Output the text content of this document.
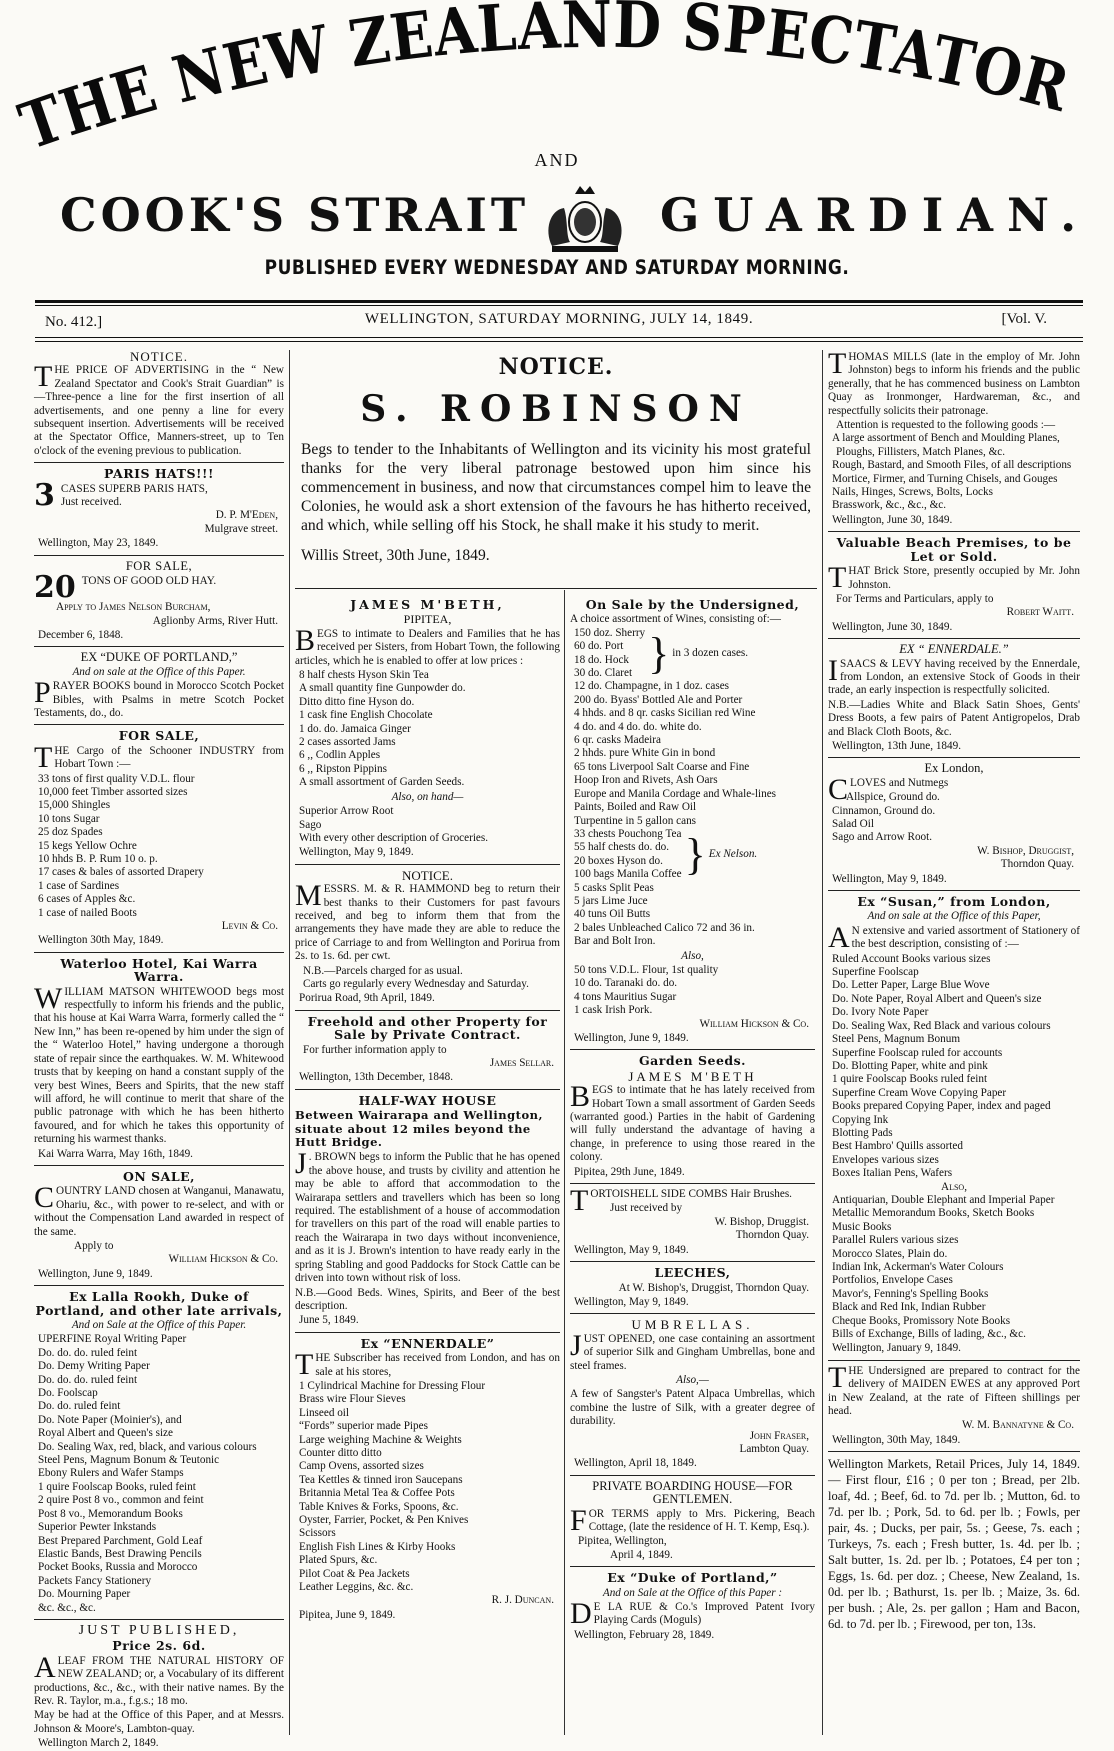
THE NEW ZEALAND SPECTATOR
AND
COOK'S STRAIT	GUARDIAN.
PUBLISHED EVERY WEDNESDAY AND SATURDAY MORNING.
No. 412.]	WELLINGTON, SATURDAY MORNING, JULY 14, 1849.	[Vol. V.
NOTICE.

THE PRICE OF ADVERTISING in the “ New Zealand Spectator and Cook's Strait Guardian” is—Three-pence a line for the first insertion of all advertisements, and one penny a line for every subsequent insertion. Advertisements will be received at the Spectator Office, Manners-street, up to Ten o'clock of the evening previous to publication.

PARIS HATS!!!
3 CASES SUPERB PARIS HATS,

Just received.

D. P. M'Eden,

Mulgrave street.

Wellington, May 23, 1849.

FOR SALE,
20 TONS OF GOOD OLD HAY.

Apply to James Nelson Burcham,

Aglionby Arms, River Hutt.

December 6, 1848.

EX “DUKE OF PORTLAND,”
And on sale at the Office of this Paper.

PRAYER BOOKS bound in Morocco Scotch Pocket Bibles, with Psalms in metre Scotch Pocket Testaments, do., do.

FOR SALE,

THE Cargo of the Schooner INDUSTRY from Hobart Town :—

33 tons of first quality V.D.L. flour
10,000 feet Timber assorted sizes
15,000 Shingles
10 tons Sugar
25 doz Spades
15 kegs Yellow Ochre
10 hhds B. P. Rum 10 o. p.
17 cases & bales of assorted Drapery
1 case of Sardines
6 cases of Apples &c.
1 case of nailed Boots

Levin & Co.

Wellington 30th May, 1849.

Waterloo Hotel, Kai Warra Warra.

WILLIAM MATSON WHITEWOOD begs most respectfully to inform his friends and the public, that his house at Kai Warra Warra, formerly called the “ New Inn,” has been re-opened by him under the sign of the “ Waterloo Hotel,” having undergone a thorough state of repair since the earthquakes. W. M. Whitewood trusts that by keeping on hand a constant supply of the very best Wines, Beers and Spirits, that the new staff will afford, he will continue to merit that share of the public patronage with which he has been hitherto favoured, and for which he takes this opportunity of returning his warmest thanks.

Kai Warra Warra, May 16th, 1849.

ON SALE,

COUNTRY LAND chosen at Wanganui, Manawatu, Ohariu, &c., with power to re-select, and with or without the Compensation Land awarded in respect of the same.

Apply to

William Hickson & Co.

Wellington, June 9, 1849.

Ex Lalla Rookh, Duke of Portland, and other late arrivals,
And on Sale at the Office of this Paper.
UPERFINE Royal Writing Paper
Do. do. do. ruled feint
Do. Demy Writing Paper
Do. do. do. ruled feint
Do. Foolscap
Do. do. ruled feint
Do. Note Paper (Moinier's), and
Royal Albert and Queen's size
Do. Sealing Wax, red, black, and various colours
Steel Pens, Magnum Bonum & Teutonic
Ebony Rulers and Wafer Stamps
1 quire Foolscap Books, ruled feint
2 quire Post 8 vo., common and feint
Post 8 vo., Memorandum Books
Superior Pewter Inkstands
Best Prepared Parchment, Gold Leaf
Elastic Bands, Best Drawing Pencils
Pocket Books, Russia and Morocco
Packets Fancy Stationery
Do. Mourning Paper
&c. &c., &c.
JUST PUBLISHED,
Price 2s. 6d.

ALEAF FROM THE NATURAL HISTORY OF NEW ZEALAND; or, a Vocabulary of its different productions, &c., &c., with their native names. By the Rev. R. Taylor, m.a., f.g.s.; 18 mo.

May be had at the Office of this Paper, and at Messrs. Johnson & Moore's, Lambton-quay.

Wellington March 2, 1849.

NOTICE.
S. ROBINSON
Begs to tender to the Inhabitants of Wellington and its vicinity his most grateful thanks for the very liberal patronage bestowed upon him since his commencement in business, and now that circumstances compel him to leave the Colonies, he would ask a short extension of the favours he has hitherto received, and which, while selling off his Stock, he shall make it his study to merit.
Willis Street, 30th June, 1849.
JAMES M'BETH,
PIPITEA,

BEGS to intimate to Dealers and Families that he has received per Sisters, from Hobart Town, the following articles, which he is enabled to offer at low prices :

8 half chests Hyson Skin Tea
A small quantity fine Gunpowder do.
Ditto ditto fine Hyson do.
1 cask fine English Chocolate
1 do. do. Jamaica Ginger
2 cases assorted Jams
6 ,, Codlin Apples
6 ,, Ripston Pippins
A small assortment of Garden Seeds.
Also, on hand—
Superior Arrow Root
Sago
With every other description of Groceries.

Wellington, May 9, 1849.

NOTICE.

MESSRS. M. & R. HAMMOND beg to return their best thanks to their Customers for past favours received, and beg to inform them that from the arrangements they have made they are able to reduce the price of Carriage to and from Wellington and Porirua from 2s. to 1s. 6d. per cwt.

N.B.—Parcels charged for as usual.

Carts go regularly every Wednesday and Saturday.

Porirua Road, 9th April, 1849.

Freehold and other Property for Sale by Private Contract.

For further information apply to

James Sellar.

Wellington, 13th December, 1848.

HALF-WAY HOUSE
Between Wairarapa and Wellington, situate about 12 miles beyond the Hutt Bridge.

J . BROWN begs to inform the Public that he has opened the above house, and trusts by civility and attention he may be able to afford that accommodation to the Wairarapa settlers and travellers which has been so long required. The establishment of a house of accommodation for travellers on this part of the road will enable parties to reach the Wairarapa in two days without inconvenience, and as it is J. Brown's intention to have ready early in the spring Stabling and good Paddocks for Stock Cattle can be driven into town without risk of loss.

N.B.—Good Beds. Wines, Spirits, and Beer of the best description.

June 5, 1849.

Ex “ENNERDALE”

THE Subscriber has received from London, and has on sale at his stores,

1 Cylindrical Machine for Dressing Flour
Brass wire Flour Sieves
Linseed oil
“Fords” superior made Pipes
Large weighing Machine & Weights
Counter ditto ditto
Camp Ovens, assorted sizes
Tea Kettles & tinned iron Saucepans
Britannia Metal Tea & Coffee Pots
Table Knives & Forks, Spoons, &c.
Oyster, Farrier, Pocket, & Pen Knives
Scissors
English Fish Lines & Kirby Hooks
Plated Spurs, &c.
Pilot Coat & Pea Jackets
Leather Leggins, &c. &c.

R. J. Duncan.

Pipitea, June 9, 1849.

On Sale by the Undersigned,

A choice assortment of Wines, consisting of:—

150 doz. Sherry
60 do. Port
18 do. Hock
30 do. Claret } in 3 dozen cases.
12 do. Champagne, in 1 doz. cases
200 do. Byass' Bottled Ale and Porter
4 hhds. and 8 qr. casks Sicilian red Wine
4 do. and 4 do. do. white do.
6 qr. casks Madeira
2 hhds. pure White Gin in bond
65 tons Liverpool Salt Coarse and Fine
Hoop Iron and Rivets, Ash Oars
Europe and Manila Cordage and Whale-lines
Paints, Boiled and Raw Oil
Turpentine in 5 gallon cans
33 chests Pouchong Tea
55 half chests do. do.
20 boxes Hyson do.
100 bags Manila Coffee } Ex Nelson.
5 casks Split Peas
5 jars Lime Juce
40 tuns Oil Butts
2 bales Unbleached Calico 72 and 36 in.
Bar and Bolt Iron.
Also,
50 tons V.D.L. Flour, 1st quality
10 do. Taranaki do. do.
4 tons Mauritius Sugar
1 cask Irish Pork.

William Hickson & Co.

Wellington, June 9, 1849.

Garden Seeds.
JAMES M'BETH

BEGS to intimate that he has lately received from Hobart Town a small assortment of Garden Seeds (warranted good.) Parties in the habit of Gardening will fully understand the advantage of having a change, in preference to using those reared in the colony.

Pipitea, 29th June, 1849.

TORTOISHELL SIDE COMBS Hair Brushes.

Just received by

W. Bishop, Druggist.

Thorndon Quay.

Wellington, May 9, 1849.

LEECHES,

At W. Bishop's, Druggist, Thorndon Quay.

Wellington, May 9, 1849.

UMBRELLAS.

JUST OPENED, one case containing an assortment of superior Silk and Gingham Umbrellas, bone and steel frames.

Also,—

A few of Sangster's Patent Alpaca Umbrellas, which combine the lustre of Silk, with a greater degree of durability.

John Fraser,

Lambton Quay.

Wellington, April 18, 1849.

PRIVATE BOARDING HOUSE—FOR GENTLEMEN.

FOR TERMS apply to Mrs. Pickering, Beach Cottage, (late the residence of H. T. Kemp, Esq.).

Pipitea, Wellington,

April 4, 1849.

Ex “Duke of Portland,”
And on Sale at the Office of this Paper :

D E LA RUE & Co.'s Improved Patent Ivory Playing Cards (Moguls)

Wellington, February 28, 1849.

THOMAS MILLS (late in the employ of Mr. John Johnston) begs to inform his friends and the public generally, that he has commenced business on Lambton Quay as Ironmonger, Hardwareman, &c., and respectfully solicits their patronage.

Attention is requested to the following goods :—

A large assortment of Bench and Moulding Planes, Ploughs, Fillisters, Match Planes, &c.
Rough, Bastard, and Smooth Files, of all descriptions
Mortice, Firmer, and Turning Chisels, and Gouges
Nails, Hinges, Screws, Bolts, Locks
Brasswork, &c., &c., &c.

Wellington, June 30, 1849.

Valuable Beach Premises, to be Let or Sold.

THAT Brick Store, presently occupied by Mr. John Johnston.

For Terms and Particulars, apply to

Robert Waitt.

Wellington, June 30, 1849.

EX “ ENNERDALE.”

ISAACS & LEVY having received by the Ennerdale, from London, an extensive Stock of Goods in their trade, an early inspection is respectfully solicited.

N.B.—Ladies White and Black Satin Shoes, Gents' Dress Boots, a few pairs of Patent Antigropelos, Drab and Black Cloth Boots, &c.

Wellington, 13th June, 1849.

Ex London,

CLOVES and Nutmegs

Allspice, Ground do.
Cinnamon, Ground do.
Salad Oil
Sago and Arrow Root.

W. Bishop, Druggist,

Thorndon Quay.

Wellington, May 9, 1849.

Ex “Susan,” from London,
And on sale at the Office of this Paper,

A N extensive and varied assortment of Stationery of the best description, consisting of :—

Ruled Account Books various sizes
Superfine Foolscap
Do. Letter Paper, Large Blue Wove
Do. Note Paper, Royal Albert and Queen's size
Do. Ivory Note Paper
Do. Sealing Wax, Red Black and various colours
Steel Pens, Magnum Bonum
Superfine Foolscap ruled for accounts
Do. Blotting Paper, white and pink
1 quire Foolscap Books ruled feint
Superfine Cream Wove Copying Paper
Books prepared Copying Paper, index and paged
Copying Ink
Blotting Pads
Best Hambro' Quills assorted
Envelopes various sizes
Boxes Italian Pens, Wafers
Also,
Antiquarian, Double Elephant and Imperial Paper
Metallic Memorandum Books, Sketch Books
Music Books
Parallel Rulers various sizes
Morocco Slates, Plain do.
Indian Ink, Ackerman's Water Colours
Portfolios, Envelope Cases
Mavor's, Fenning's Spelling Books
Black and Red Ink, Indian Rubber
Cheque Books, Promissory Note Books
Bills of Exchange, Bills of lading, &c., &c.

Wellington, January 9, 1849.

THE Undersigned are prepared to contract for the delivery of MAIDEN EWES at any approved Port in New Zealand, at the rate of Fifteen shillings per head.

W. M. Bannatyne & Co.

Wellington, 30th May, 1849.

Wellington Markets, Retail Prices, July 14, 1849. — First flour, £16 ; 0 per ton ; Bread, per 2lb. loaf, 4d. ; Beef, 6d. to 7d. per lb. ; Mutton, 6d. to 7d. per lb. ; Pork, 5d. to 6d. per lb. ; Fowls, per pair, 4s. ; Ducks, per pair, 5s. ; Geese, 7s. each ; Turkeys, 7s. each ; Fresh butter, 1s. 4d. per lb. ; Salt butter, 1s. 2d. per lb. ; Potatoes, £4 per ton ; Eggs, 1s. 6d. per doz. ; Cheese, New Zealand, 1s. 0d. per lb. ; Bathurst, 1s. per lb. ; Maize, 3s. 6d. per bush. ; Ale, 2s. per gallon ; Ham and Bacon, 6d. to 7d. per lb. ; Firewood, per ton, 13s.
